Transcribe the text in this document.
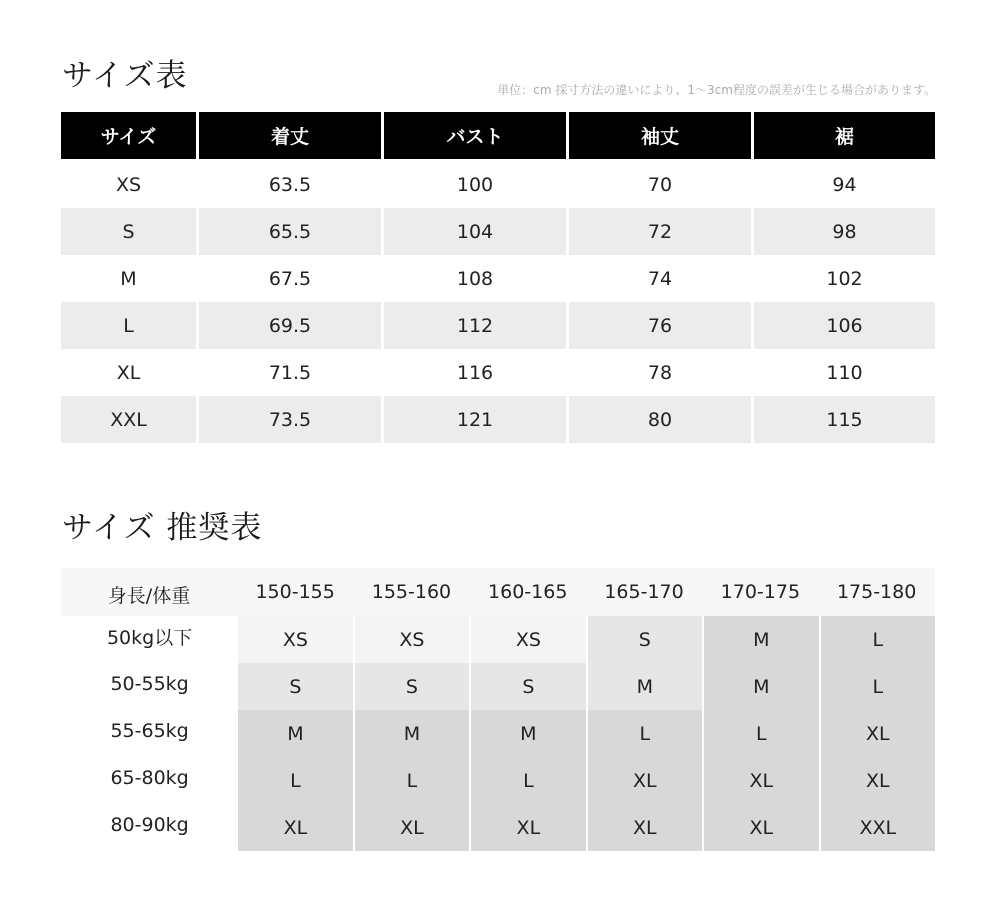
サイズ表	単位：cm 採寸方法の違いにより、1〜3cm程度の誤差が生じる場合があります。
サイズ	着丈	バスト	袖丈	裾
XS	63.5	100	70	94
S	65.5	104	72	98
M	67.5	108	74	102
L	69.5	112	76	106
XL	71.5	116	78	110
XXL	73.5	121	80	115
サイズ 推奨表
身長/体重	150-155	155-160	160-165	165-170	170-175	175-180
50kg以下	XS	XS	XS	S	M	L
50-55kg	S	S	S	M	M	L
55-65kg	M	M	M	L	L	XL
65-80kg	L	L	L	XL	XL	XL
80-90kg	XL	XL	XL	XL	XL	XXL
